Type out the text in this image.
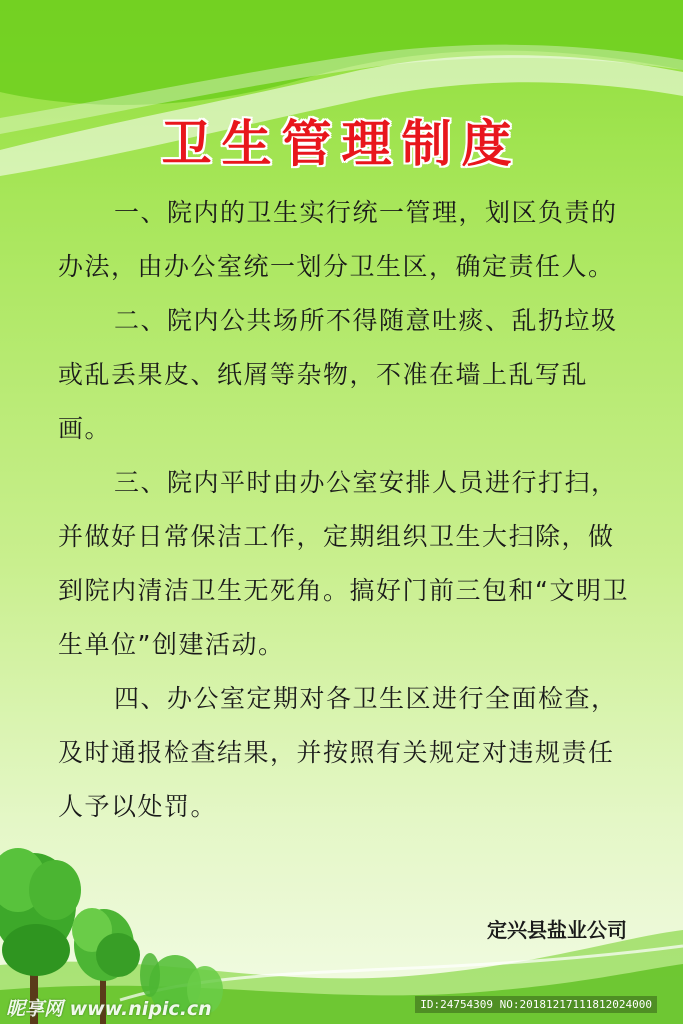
卫生管理制度

一、院内的卫生实行统一管理，划区负责的办法，由办公室统一划分卫生区，确定责任人。

二、院内公共场所不得随意吐痰、乱扔垃圾或乱丢果皮、纸屑等杂物，不准在墙上乱写乱画。

三、院内平时由办公室安排人员进行打扫，并做好日常保洁工作，定期组织卫生大扫除，做到院内清洁卫生无死角。搞好门前三包和“文明卫生单位”创建活动。

四、办公室定期对各卫生区进行全面检查，及时通报检查结果，并按照有关规定对违规责任人予以处罚。

定兴县盐业公司
昵享网 www.nipic.cn	ID:24754309 NO:20181217111812024000
